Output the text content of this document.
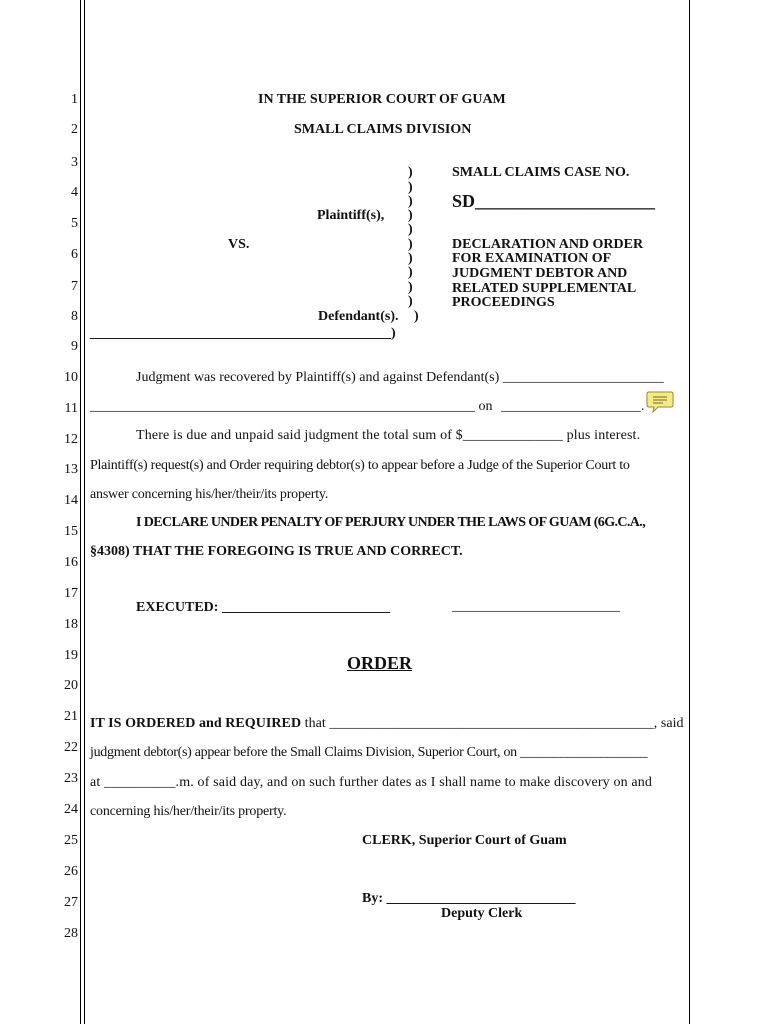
1
2
3
4
5
6
7
8
9
10
11
12
13
14
15
16
17
18
19
20
21
22
23
24
25
26
27
28
IN THE SUPERIOR COURT OF GUAM
SMALL CLAIMS DIVISION
)
)
)
)
)
)
)
)
)
)
)
Plaintiff(s),
VS.
Defendant(s).
___________________________________________)
SMALL CLAIMS CASE NO.
SD____________________
DECLARATION AND ORDER
FOR EXAMINATION OF
JUDGMENT DEBTOR AND
RELATED SUPPLEMENTAL
PROCEEDINGS
Judgment was recovered by Plaintiff(s) and against Defendant(s) _______________________
_______________________________________________________ on ____________________.
There is due and unpaid said judgment the total sum of $______________ plus interest.
Plaintiff(s) request(s) and Order requiring debtor(s) to appear before a Judge of the Superior Court to
answer concerning his/her/their/its property.
I DECLARE UNDER PENALTY OF PERJURY UNDER THE LAWS OF GUAM (6G.C.A.,
§4308) THAT THE FOREGOING IS TRUE AND CORRECT.
EXECUTED: ________________________	________________________
ORDER
IT IS ORDERED and REQUIRED that ______________________________________________, said
judgment debtor(s) appear before the Small Claims Division, Superior Court, on ___________________
at __________.m. of said day, and on such further dates as I shall name to make discovery on and
concerning his/her/their/its property.
CLERK, Superior Court of Guam
By: ___________________________
Deputy Clerk
